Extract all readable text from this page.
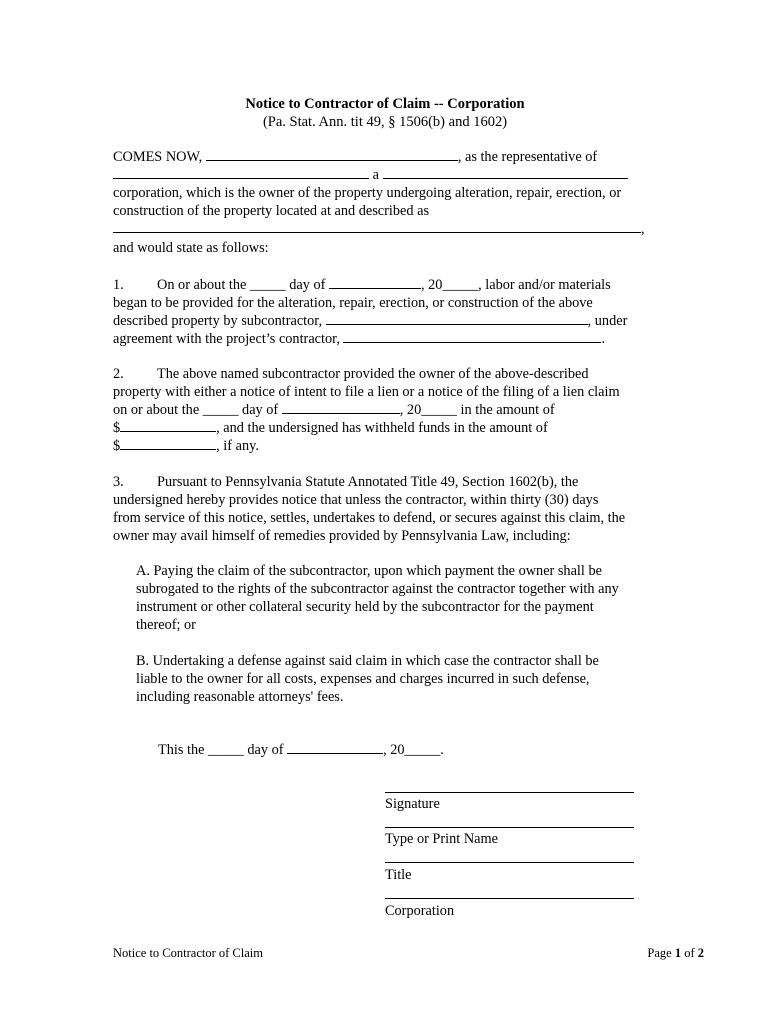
Notice to Contractor of Claim -- Corporation
(Pa. Stat. Ann. tit 49, § 1506(b) and 1602)
COMES NOW,	, as the representative of
a
corporation, which is the owner of the property undergoing alteration, repair, erection, or
construction of the property located at and described as
,
and would state as follows:
1. On or about the _____ day of	, 20_____, labor and/or materials
began to be provided for the alteration, repair, erection, or construction of the above
described property by subcontractor,	, under
agreement with the project’s contractor,	.
2. The above named subcontractor provided the owner of the above-described
property with either a notice of intent to file a lien or a notice of the filing of a lien claim
on or about the _____ day of	, 20_____ in the amount of
$	, and the undersigned has withheld funds in the amount of
$	, if any.
3. Pursuant to Pennsylvania Statute Annotated Title 49, Section 1602(b), the
undersigned hereby provides notice that unless the contractor, within thirty (30) days
from service of this notice, settles, undertakes to defend, or secures against this claim, the
owner may avail himself of remedies provided by Pennsylvania Law, including:
A. Paying the claim of the subcontractor, upon which payment the owner shall be
subrogated to the rights of the subcontractor against the contractor together with any
instrument or other collateral security held by the subcontractor for the payment
thereof; or
B. Undertaking a defense against said claim in which case the contractor shall be
liable to the owner for all costs, expenses and charges incurred in such defense,
including reasonable attorneys' fees.
This the _____ day of	, 20_____.
Signature
Type or Print Name
Title
Corporation
Notice to Contractor of Claim	Page 1 of 2
